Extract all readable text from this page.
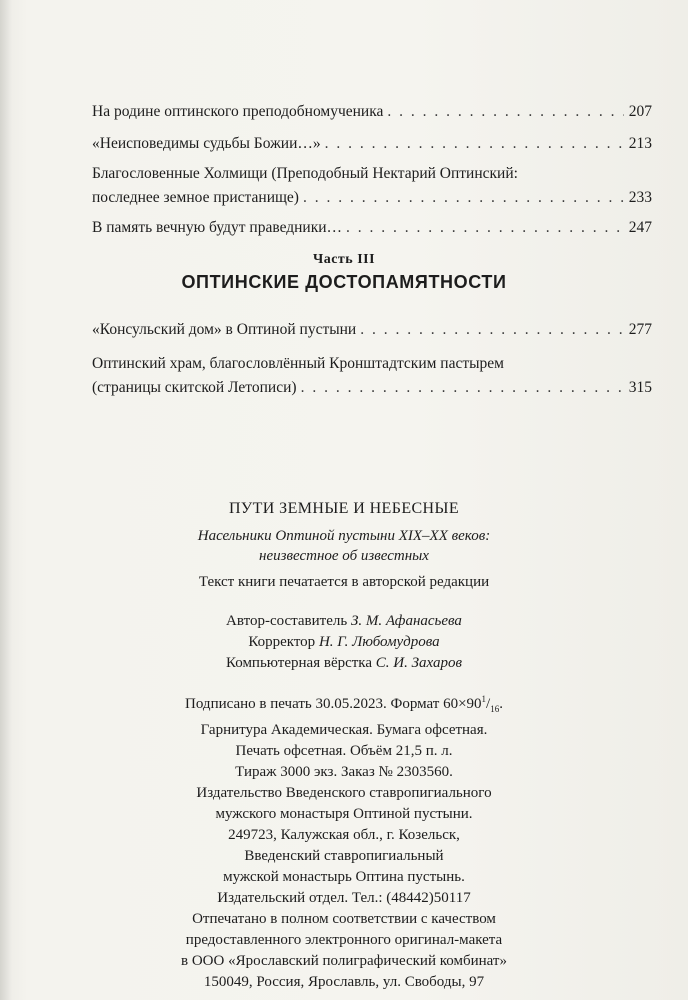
На родине оптинского преподобномученика . . .	207
«Неисповедимы судьбы Божии…» . . .	213
Благословенные Холмищи (Преподобный Нектарий Оптинский:
последнее земное пристанище) . . .	233
В память вечную будут праведники… . . .	247
Часть III
ОПТИНСКИЕ ДОСТОПАМЯТНОСТИ
«Консульский дом» в Оптиной пустыни . . .	277
Оптинский храм, благословлённый Кронштадтским пастырем
(страницы скитской Летописи) . . .	315
ПУТИ ЗЕМНЫЕ И НЕБЕСНЫЕ
Насельники Оптиной пустыни XIX–XX веков:
неизвестное об известных
Текст книги печатается в авторской редакции
Автор-составитель З. М. Афанасьева
Корректор Н. Г. Любомудрова
Компьютерная вёрстка С. И. Захаров
Подписано в печать 30.05.2023. Формат $60\times 90^1/_{16}$.
Гарнитура Академическая. Бумага офсетная.
Печать офсетная. Объём 21,5 п. л.
Тираж 3000 экз. Заказ № 2303560.
Издательство Введенского ставропигиального
мужского монастыря Оптиной пустыни.
249723, Калужская обл., г. Козельск,
Введенский ставропигиальный
мужской монастырь Оптина пустынь.
Издательский отдел. Тел.: (48442)50117
Отпечатано в полном соответствии с качеством
предоставленного электронного оригинал-макета
в ООО «Ярославский полиграфический комбинат»
150049, Россия, Ярославль, ул. Свободы, 97
